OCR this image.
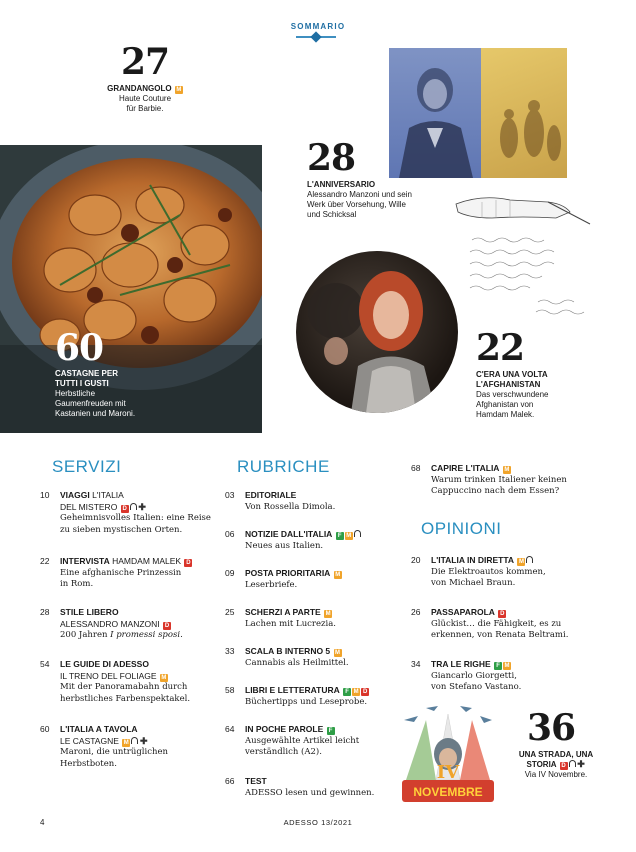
SOMMARIO
27
GRANDANGOLO M
Haute Couture
für Barbie.
28
L'ANNIVERSARIO
Alessandro Manzoni und sein
Werk über Vorsehung, Wille
und Schicksal
60
CASTAGNE PER
TUTTI I GUSTI
Herbstliche
Gaumenfreuden mit
Kastanien und Maroni.
22
C'ERA UNA VOLTA
L'AFGHANISTAN
Das verschwundene
Afghanistan von
Hamdam Malek.
SERVIZI	RUBRICHE
OPINIONI
10 VIAGGI L'ITALIA
DEL MISTERO D ✚
Geheimnisvolles Italien: eine Reise
zu sieben mystischen Orten.
22 INTERVISTA HAMDAM MALEK D
Eine afghanische Prinzessin
in Rom.
28 STILE LIBERO
ALESSANDRO MANZONI D
200 Jahren I promessi sposi.
54 LE GUIDE DI ADESSO
IL TRENO DEL FOLIAGE M
Mit der Panoramabahn durch
herbstliches Farbenspektakel.
60 L'ITALIA A TAVOLA
LE CASTAGNE M ✚
Maroni, die untrüglichen
Herbstboten.
03 EDITORIALE
Von Rossella Dimola.
06 NOTIZIE DALL'ITALIA F M
Neues aus Italien.
09 POSTA PRIORITARIA M
Leserbriefe.
25 SCHERZI A PARTE M
Lachen mit Lucrezia.
33 SCALA B INTERNO 5 M
Cannabis als Heilmittel.
58 LIBRI E LETTERATURA F M D
Büchertipps und Leseprobe.
64 IN POCHE PAROLE F
Ausgewählte Artikel leicht
verständlich (A2).
66 TEST
ADESSO lesen und gewinnen.
68 CAPIRE L'ITALIA M
Warum trinken Italiener keinen
Cappuccino nach dem Essen?
20 L'ITALIA IN DIRETTA M
Die Elektroautos kommen,
von Michael Braun.
26 PASSAPAROLA D
Glückist… die Fähigkeit, es zu
erkennen, von Renata Beltrami.
34 TRA LE RIGHE F M
Giancarlo Giorgetti,
von Stefano Vastano.
IV
NOVEMBRE
36
UNA STRADA, UNA
STORIA D ✚
Via IV Novembre.
4	ADESSO 13/2021
